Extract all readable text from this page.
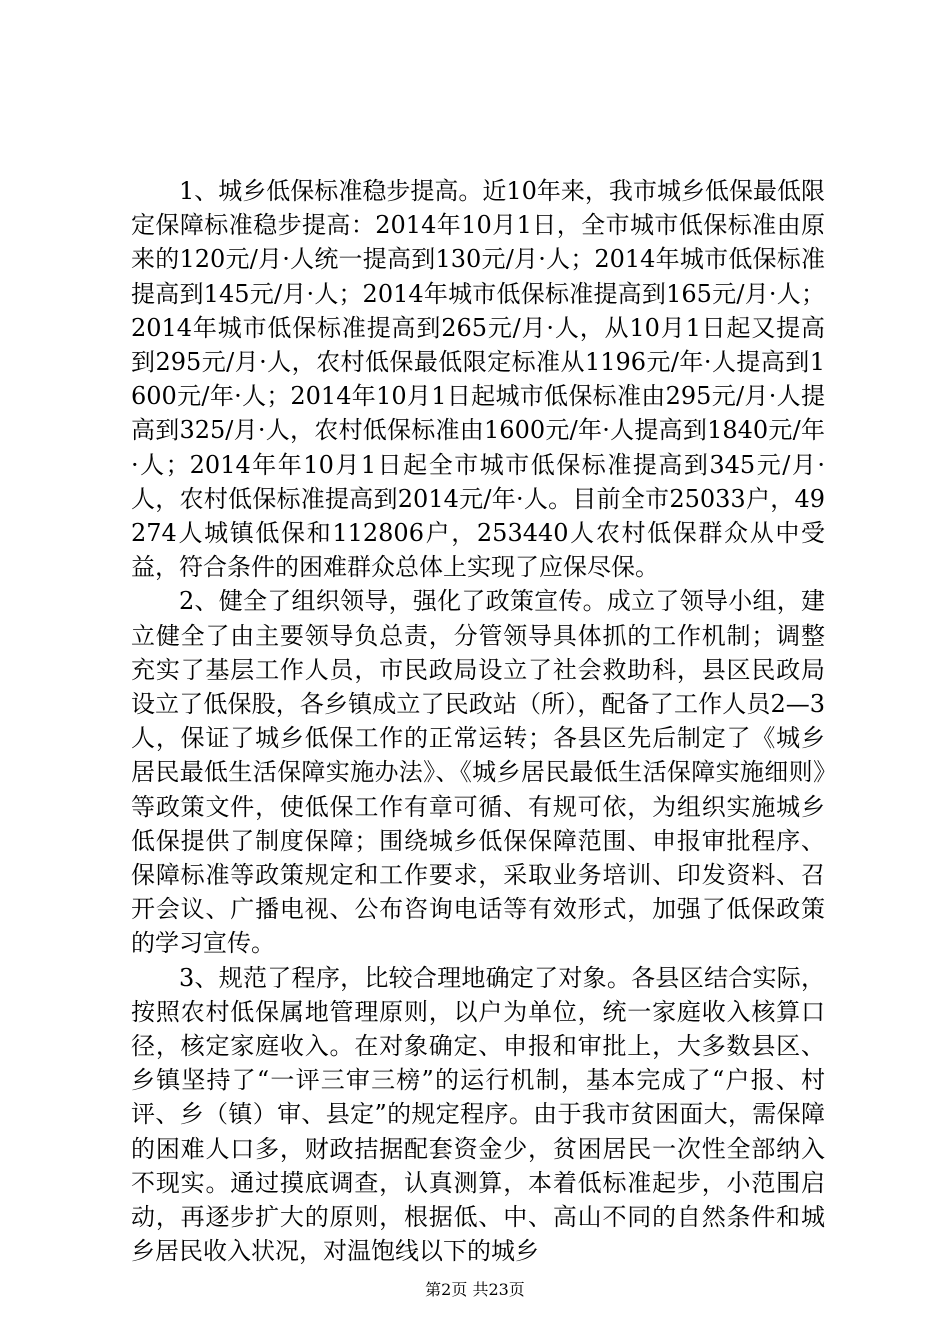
1、城乡低保标准稳步提高。近10年来，我市城乡低保最低限定保障标准稳步提高：2014年10月1日，全市城市低保标准由原来的120元/月·人统一提高到130元/月·人；2014年城市低保标准提高到145元/月·人；2014年城市低保标准提高到165元/月·人；2014年城市低保标准提高到265元/月·人，从10月1日起又提高到295元/月·人，农村低保最低限定标准从1196元/年·人提高到1600元/年·人；2014年10月1日起城市低保标准由295元/月·人提高到325/月·人，农村低保标准由1600元/年·人提高到1840元/年·人；2014年年10月1日起全市城市低保标准提高到345元/月·人，农村低保标准提高到2014元/年·人。目前全市25033户，49274人城镇低保和112806户，253440人农村低保群众从中受益，符合条件的困难群众总体上实现了应保尽保。

2、健全了组织领导，强化了政策宣传。成立了领导小组，建立健全了由主要领导负总责，分管领导具体抓的工作机制；调整充实了基层工作人员，市民政局设立了社会救助科，县区民政局设立了低保股，各乡镇成立了民政站（所），配备了工作人员2—3人，保证了城乡低保工作的正常运转；各县区先后制定了《城乡居民最低生活保障实施办法》、《城乡居民最低生活保障实施细则》等政策文件，使低保工作有章可循、有规可依，为组织实施城乡低保提供了制度保障；围绕城乡低保保障范围、申报审批程序、保障标准等政策规定和工作要求，采取业务培训、印发资料、召开会议、广播电视、公布咨询电话等有效形式，加强了低保政策的学习宣传。

3、规范了程序，比较合理地确定了对象。各县区结合实际，按照农村低保属地管理原则，以户为单位，统一家庭收入核算口径，核定家庭收入。在对象确定、申报和审批上，大多数县区、乡镇坚持了“一评三审三榜”的运行机制，基本完成了“户报、村评、乡（镇）审、县定”的规定程序。由于我市贫困面大，需保障的困难人口多，财政拮据配套资金少，贫困居民一次性全部纳入不现实。通过摸底调查，认真测算，本着低标准起步，小范围启动，再逐步扩大的原则，根据低、中、高山不同的自然条件和城乡居民收入状况，对温饱线以下的城乡

第2页 共23页
